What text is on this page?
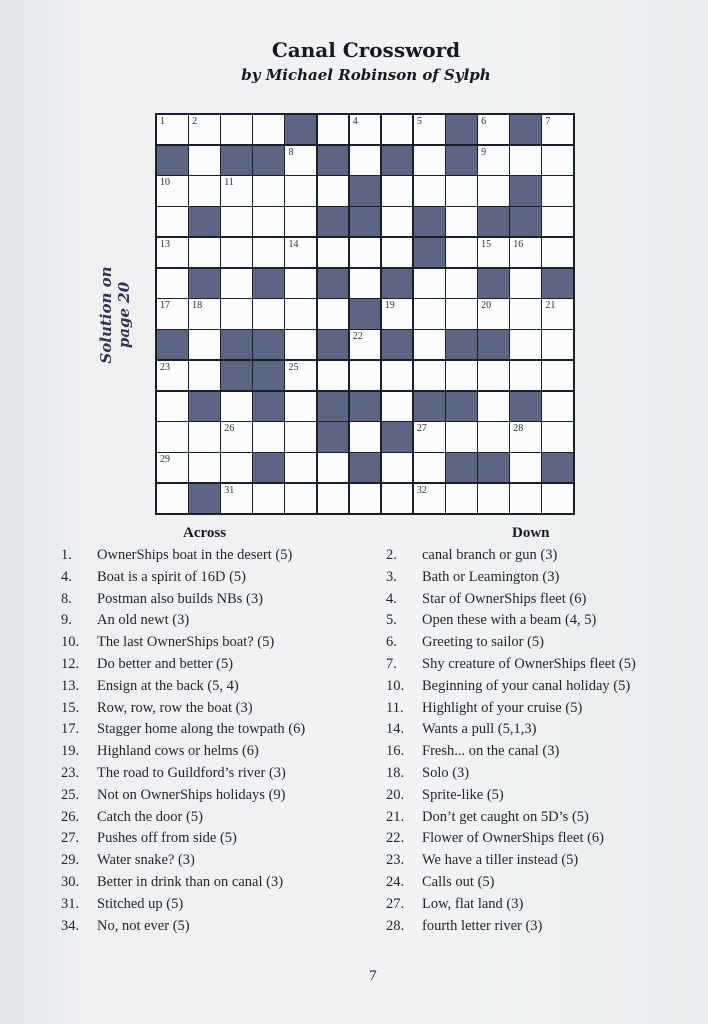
Canal Crossword
by Michael Robinson of Sylph
Solution on page 20
1	2	4	5	6	7
8	9
10	11
13	14	15 16
17 18	19	20	21
22
23	25
26	27	28
29
31	32
Across
1. OwnerShips boat in the desert (5)
4. Boat is a spirit of 16D (5)
8. Postman also builds NBs (3)
9. An old newt (3)
10. The last OwnerShips boat? (5)
12. Do better and better (5)
13. Ensign at the back (5, 4)
15. Row, row, row the boat (3)
17. Stagger home along the towpath (6)
19. Highland cows or helms (6)
23. The road to Guildford’s river (3)
25. Not on OwnerShips holidays (9)
26. Catch the door (5)
27. Pushes off from side (5)
29. Water snake? (3)
30. Better in drink than on canal (3)
31. Stitched up (5)
34. No, not ever (5)
Down
2. canal branch or gun (3)
3. Bath or Leamington (3)
4. Star of OwnerShips fleet (6)
5. Open these with a beam (4, 5)
6. Greeting to sailor (5)
7. Shy creature of OwnerShips fleet (5)
10. Beginning of your canal holiday (5)
11. Highlight of your cruise (5)
14. Wants a pull (5,1,3)
16. Fresh... on the canal (3)
18. Solo (3)
20. Sprite-like (5)
21. Don’t get caught on 5D’s (5)
22. Flower of OwnerShips fleet (6)
23. We have a tiller instead (5)
24. Calls out (5)
27. Low, flat land (3)
28. fourth letter river (3)
7
